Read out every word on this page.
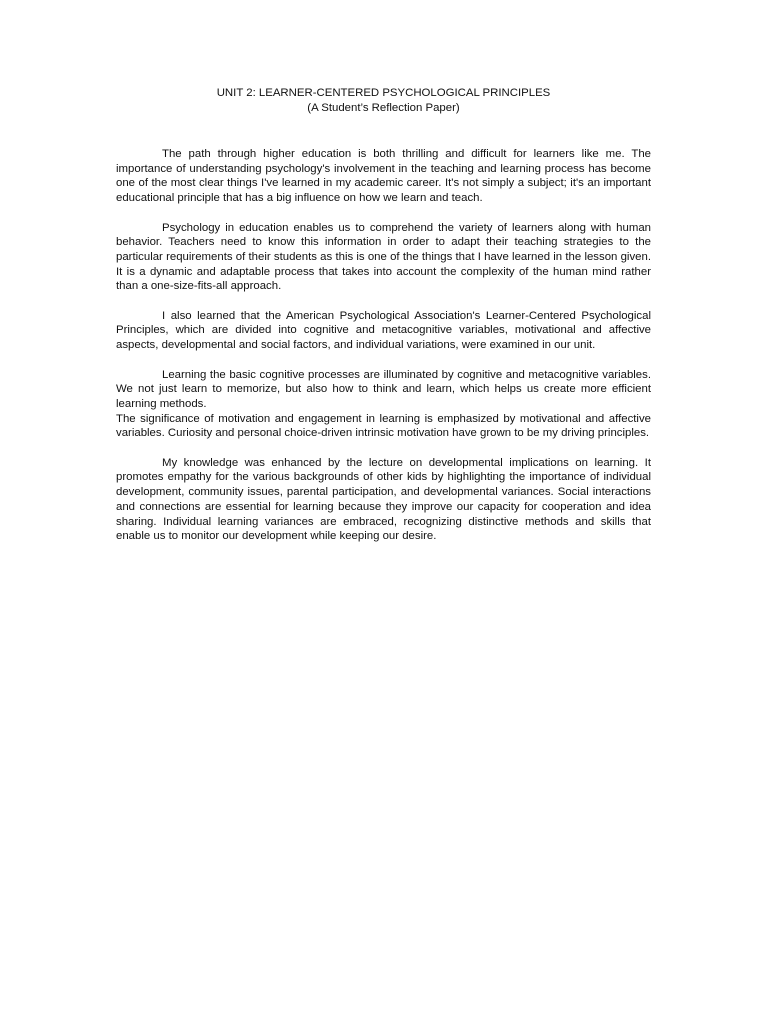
UNIT 2: LEARNER-CENTERED PSYCHOLOGICAL PRINCIPLES

(A Student’s Reflection Paper)

The path through higher education is both thrilling and difficult for learners like me. The importance of understanding psychology's involvement in the teaching and learning process has become one of the most clear things I've learned in my academic career. It's not simply a subject; it's an important educational principle that has a big influence on how we learn and teach.

Psychology in education enables us to comprehend the variety of learners along with human behavior. Teachers need to know this information in order to adapt their teaching strategies to the particular requirements of their students as this is one of the things that I have learned in the lesson given. It is a dynamic and adaptable process that takes into account the complexity of the human mind rather than a one-size-fits-all approach.

I also learned that the American Psychological Association's Learner-Centered Psychological Principles, which are divided into cognitive and metacognitive variables, motivational and affective aspects, developmental and social factors, and individual variations, were examined in our unit.

Learning the basic cognitive processes are illuminated by cognitive and metacognitive variables. We not just learn to memorize, but also how to think and learn, which helps us create more efficient learning methods.

The significance of motivation and engagement in learning is emphasized by motivational and affective variables. Curiosity and personal choice-driven intrinsic motivation have grown to be my driving principles.

My knowledge was enhanced by the lecture on developmental implications on learning. It promotes empathy for the various backgrounds of other kids by highlighting the importance of individual development, community issues, parental participation, and developmental variances. Social interactions and connections are essential for learning because they improve our capacity for cooperation and idea sharing. Individual learning variances are embraced, recognizing distinctive methods and skills that enable us to monitor our development while keeping our desire.
